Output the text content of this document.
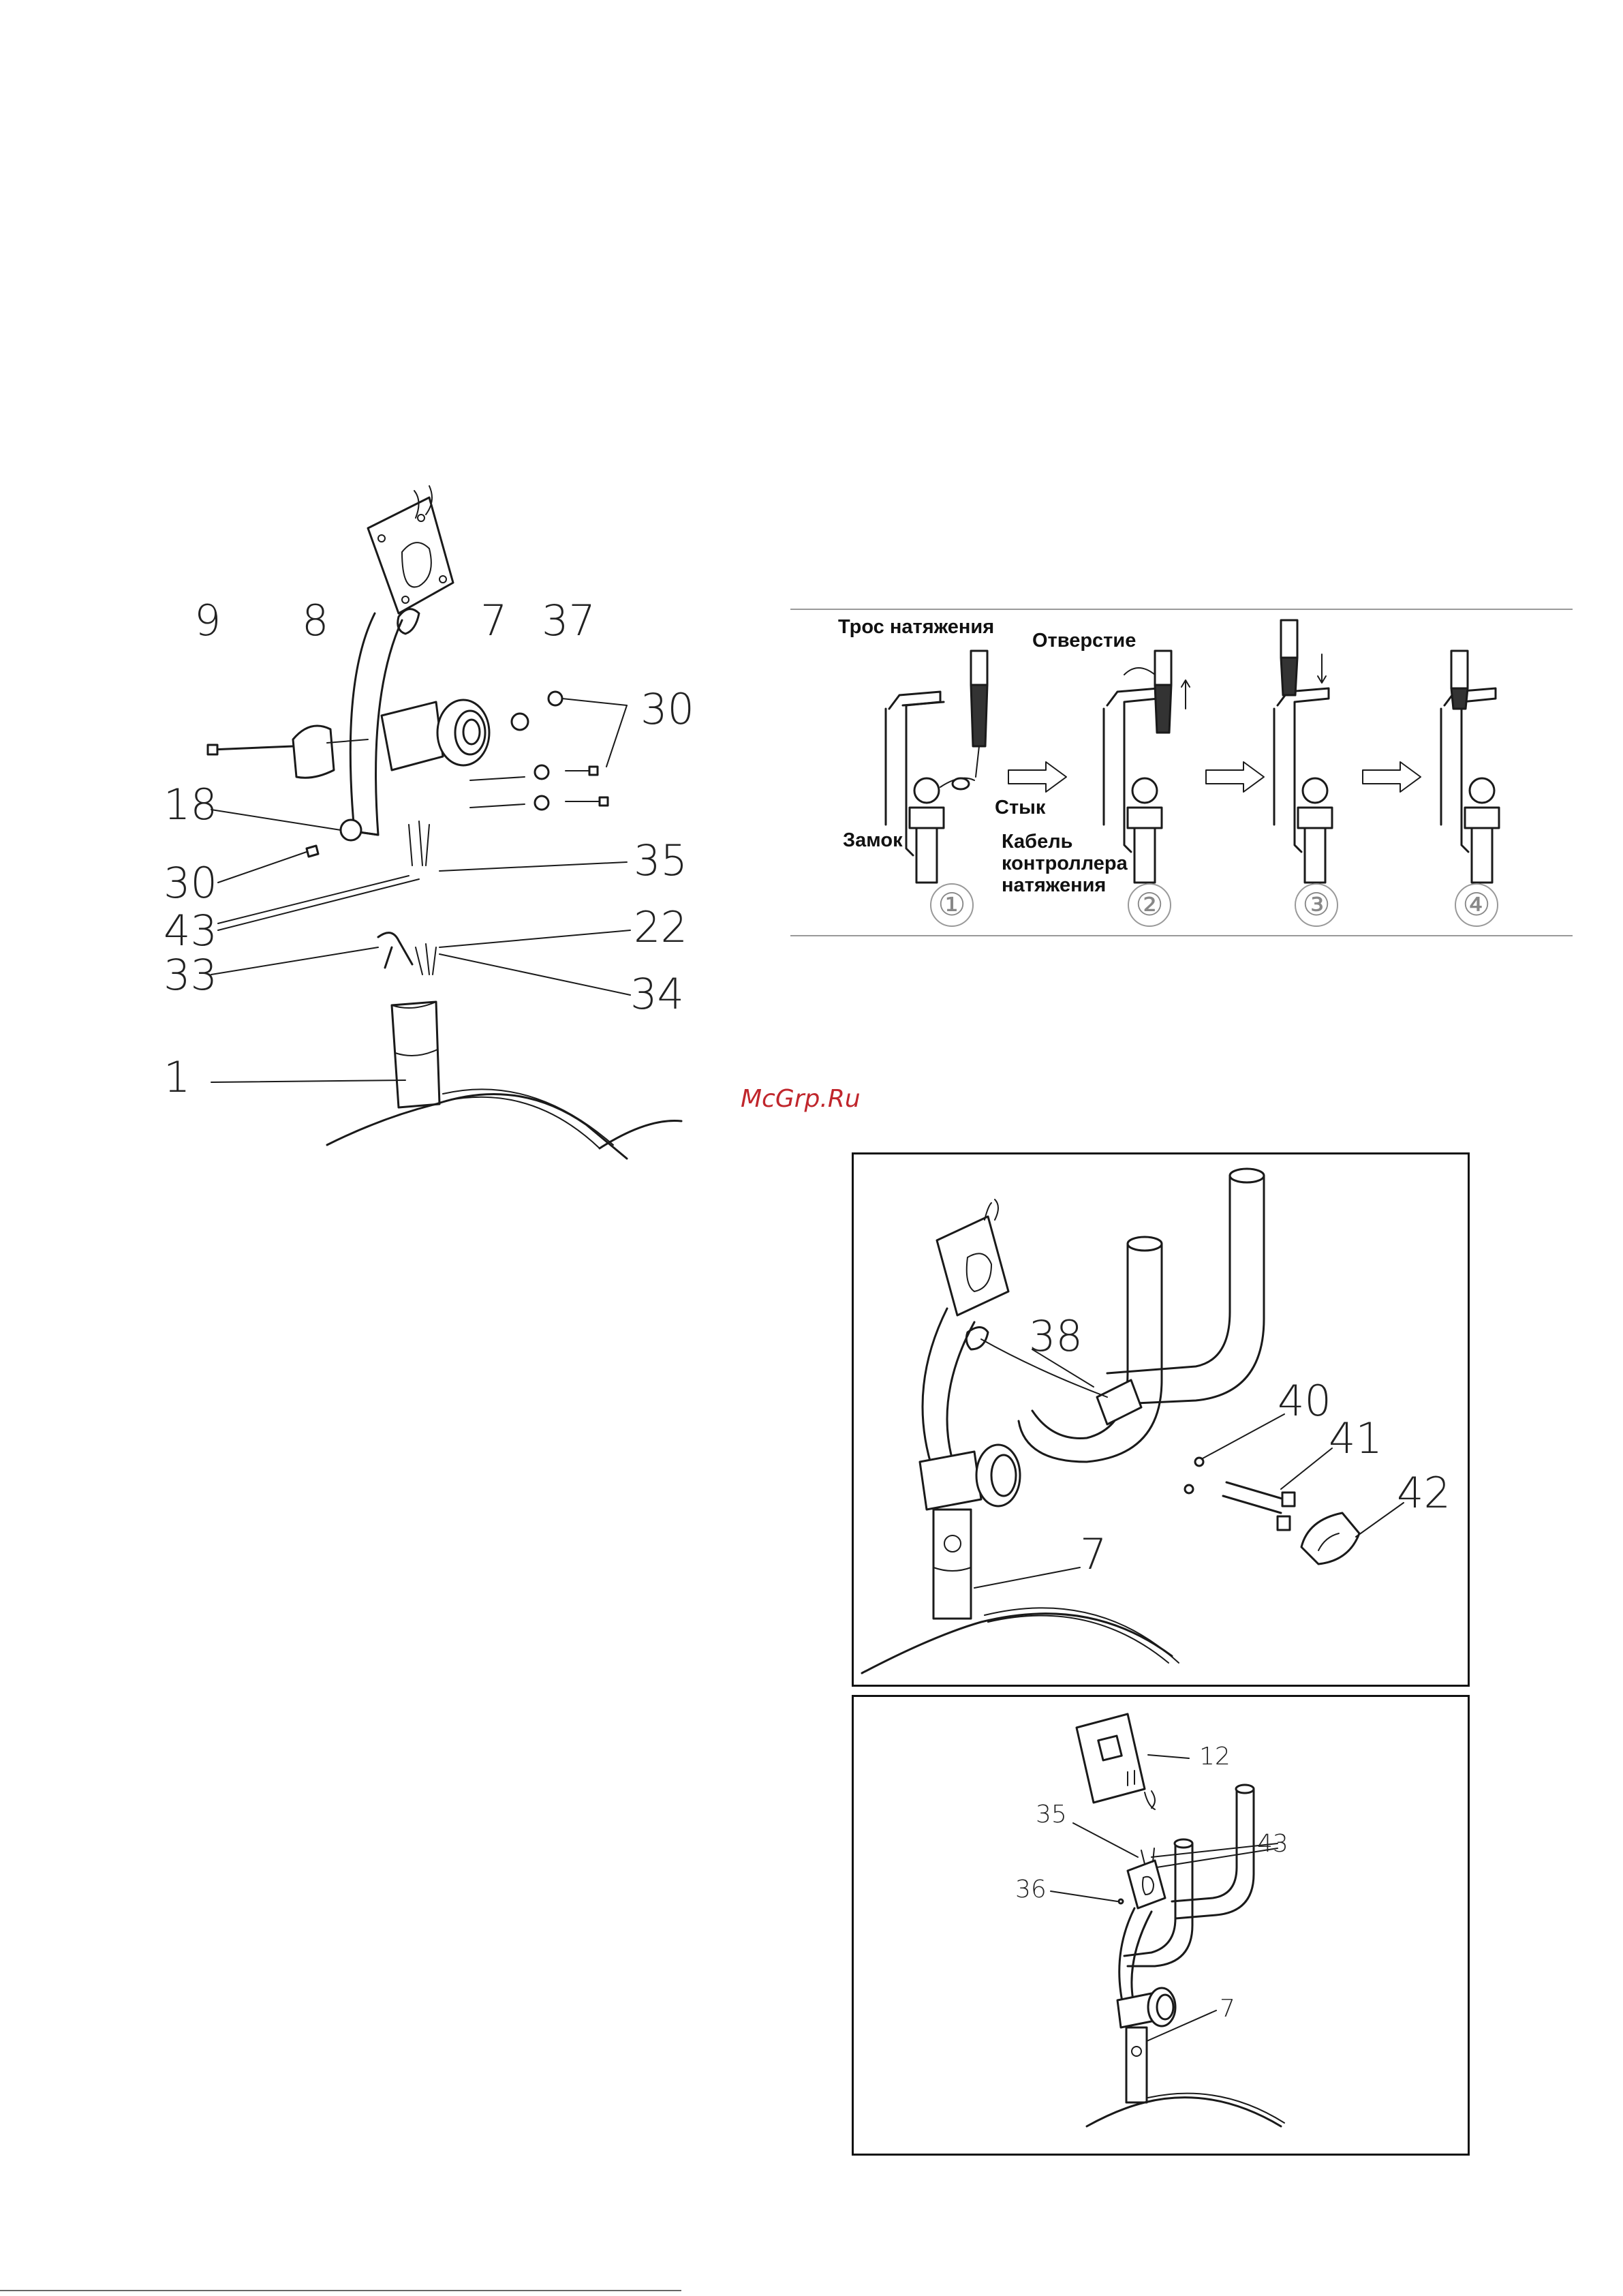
9 8	7 37
30
18
30
43
35
33
22
34
1
Трос натяжения
Отверстие
Стык
Замок	Кабель контроллера натяжения
①	②	③	④
McGrp.Ru
38
40
41
42
7
12
35
43
36
7
